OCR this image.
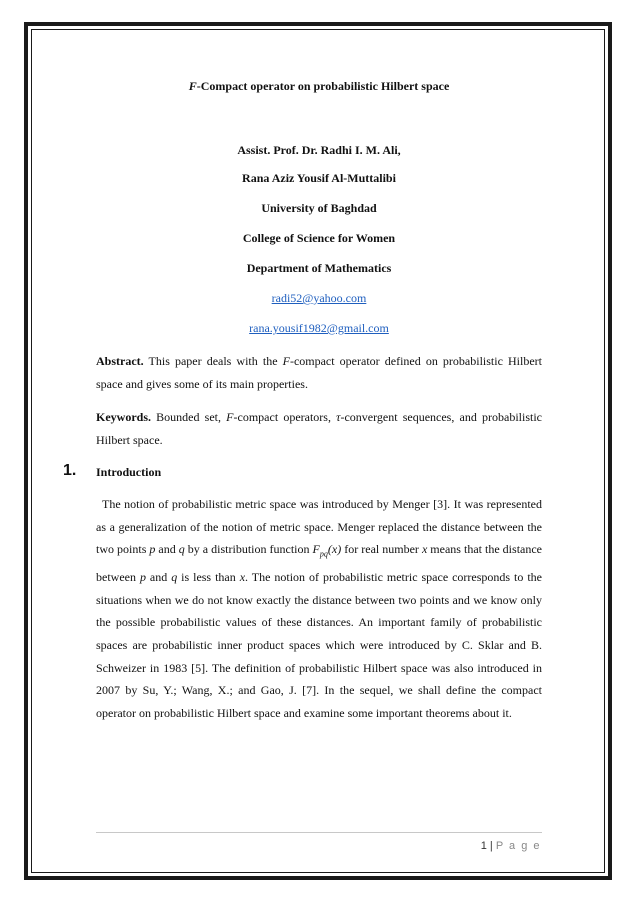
F-Compact operator on probabilistic Hilbert space
Assist. Prof. Dr. Radhi I. M. Ali,
Rana Aziz Yousif Al-Muttalibi
University of Baghdad
College of Science for Women
Department of Mathematics
radi52@yahoo.com
rana.yousif1982@gmail.com
Abstract. This paper deals with the F-compact operator defined on probabilistic Hilbert space and gives some of its main properties.
Keywords. Bounded set, F-compact operators, τ-convergent sequences, and probabilistic Hilbert space.
1. Introduction
The notion of probabilistic metric space was introduced by Menger [3]. It was represented as a generalization of the notion of metric space. Menger replaced the distance between the two points p and q by a distribution function $F_{pq}(x)$ for real number x means that the distance between p and q is less than x. The notion of probabilistic metric space corresponds to the situations when we do not know exactly the distance between two points and we know only the possible probabilistic values of these distances. An important family of probabilistic spaces are probabilistic inner product spaces which were introduced by C. Sklar and B. Schweizer in 1983 [5]. The definition of probabilistic Hilbert space was also introduced in 2007 by Su, Y.; Wang, X.; and Gao, J. [7]. In the sequel, we shall define the compact operator on probabilistic Hilbert space and examine some important theorems about it.
1 | P a g e
